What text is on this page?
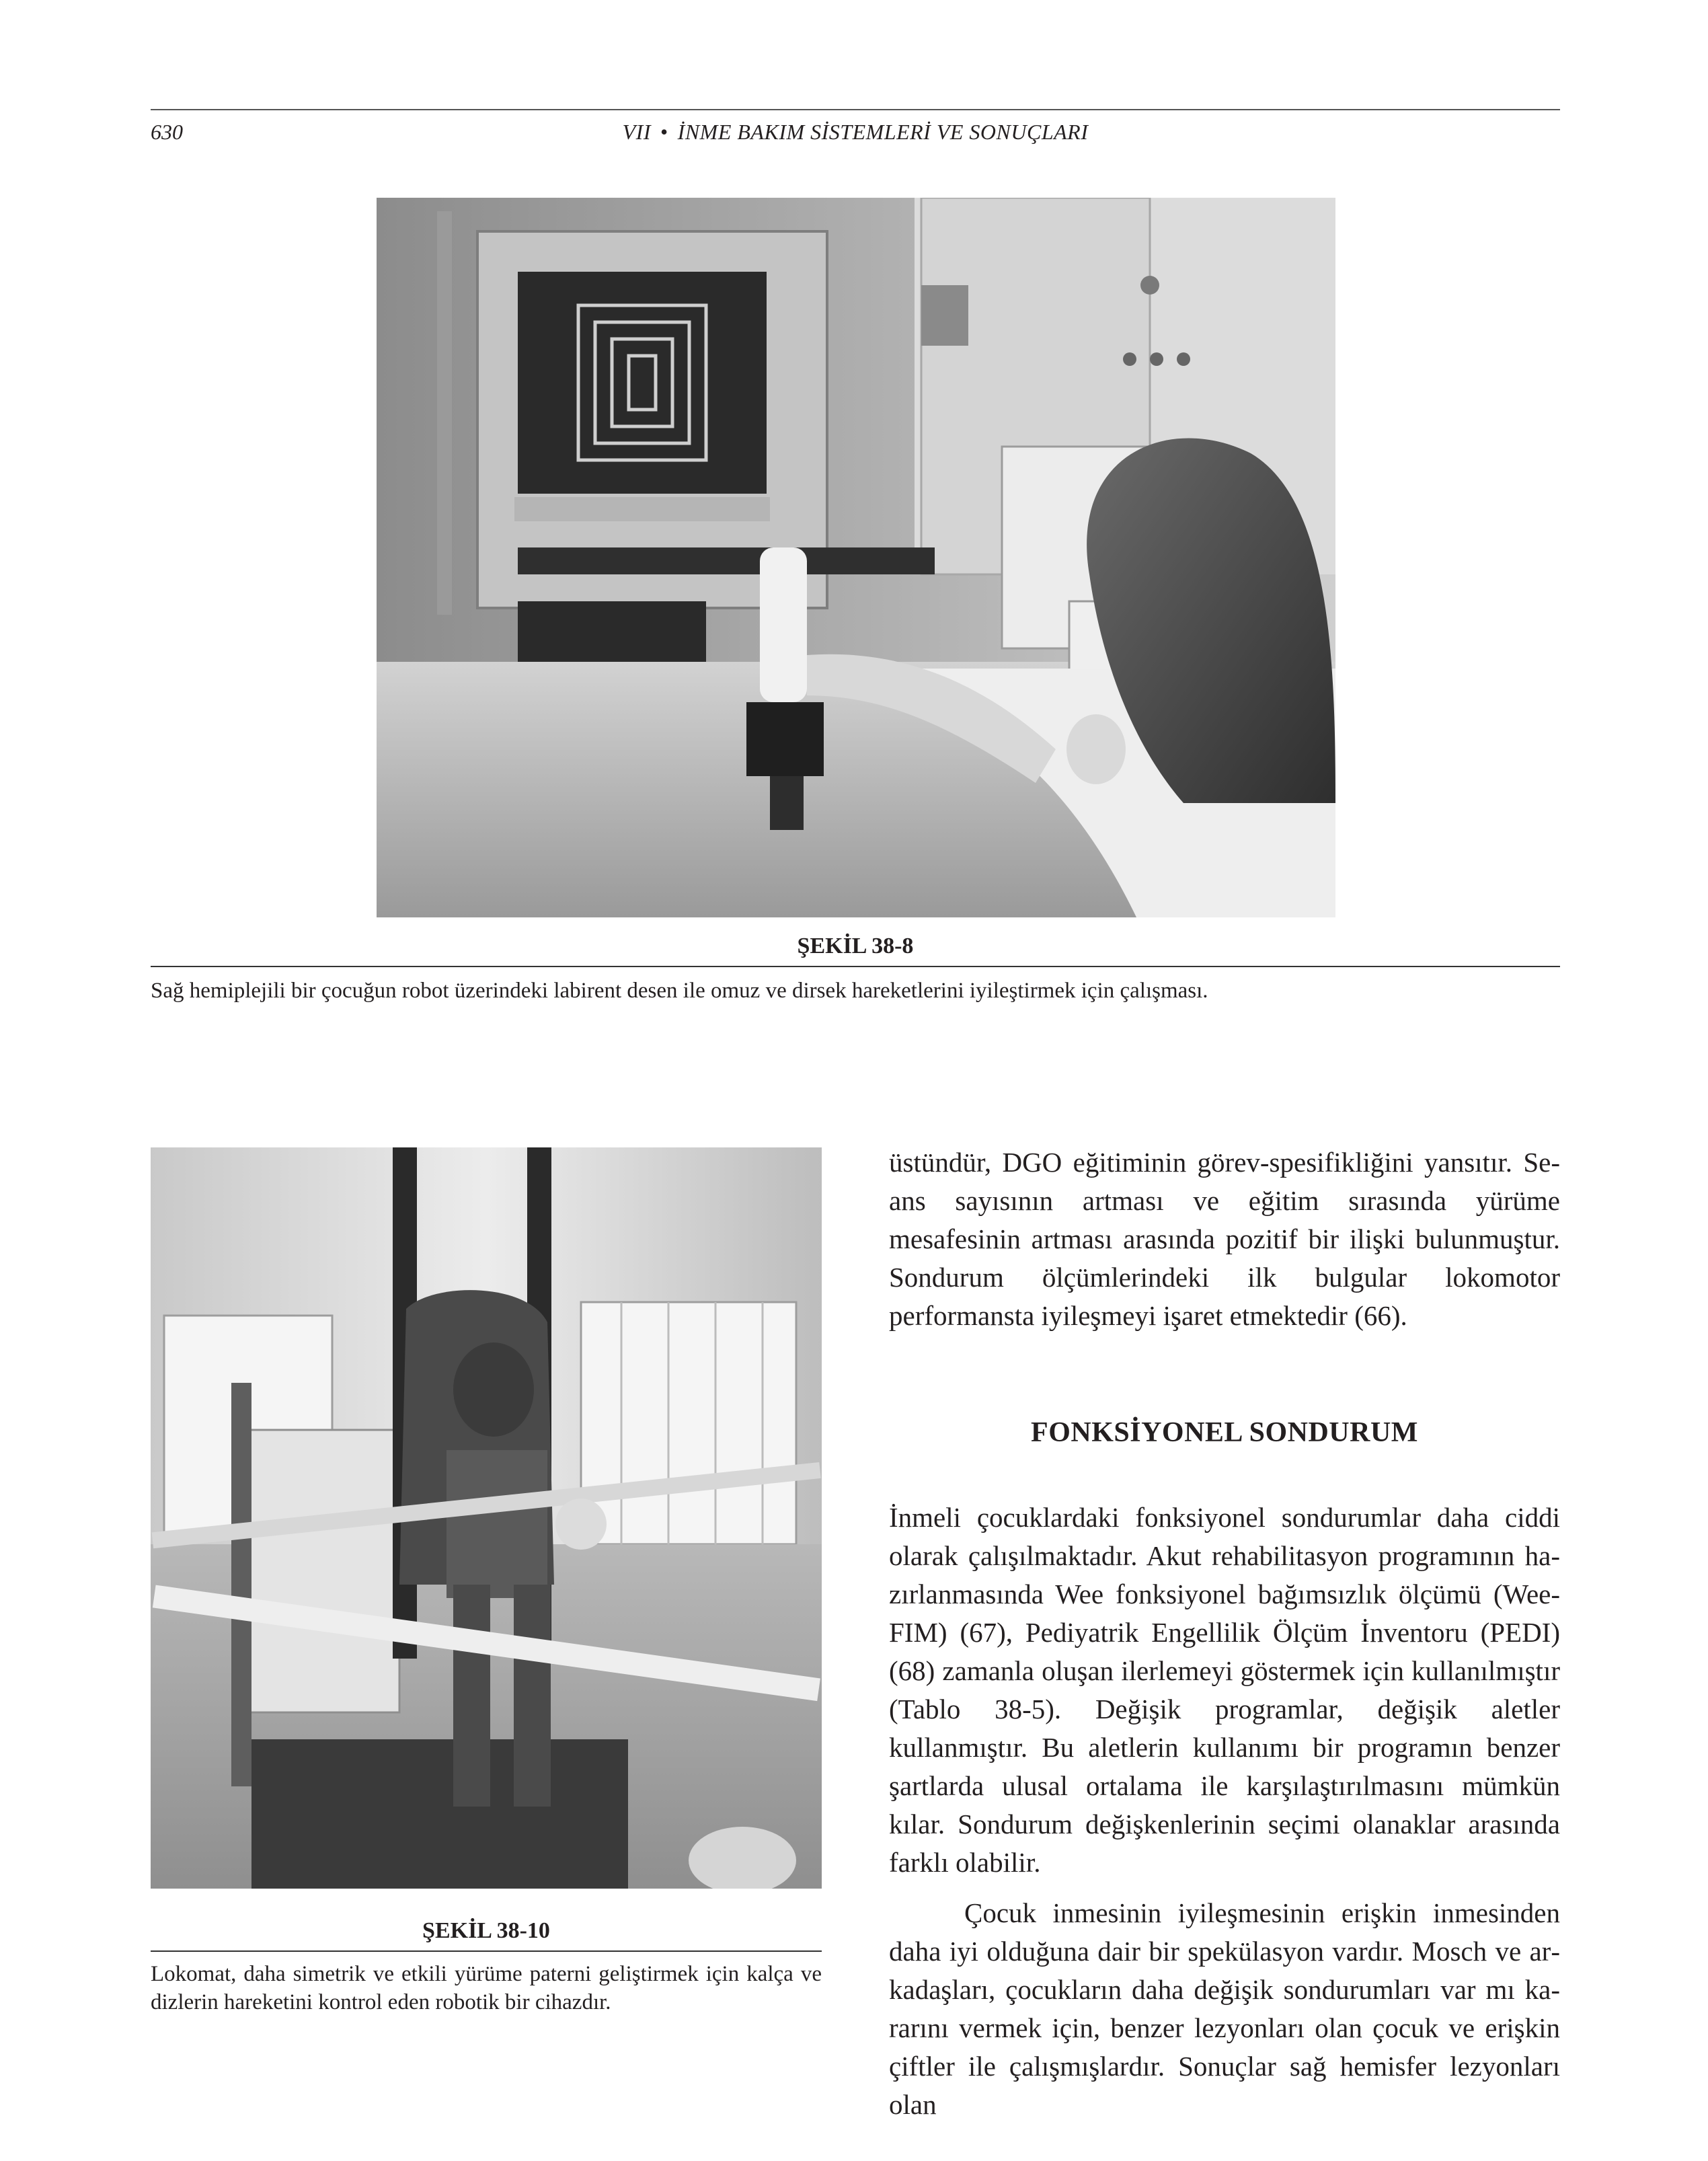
630	VII • İNME BAKIM SİSTEMLERİ VE SONUÇLARI
ŞEKİL 38-8
Sağ hemiplejili bir çocuğun robot üzerindeki labirent desen ile omuz ve dirsek hareketlerini iyileştirmek için çalışması.
ŞEKİL 38-10
Lokomat, daha simetrik ve etkili yürüme paterni geliştirmek için kalça ve dizlerin hareketini kontrol eden robotik bir cihazdır.

üstündür, DGO eğitiminin görev-spesifikliğini yansıtır. Seans sayısının artması ve eğitim sırasında yürüme mesafesinin artması arasında pozitif bir ilişki bulunmuştur. Sondurum ölçümlerindeki ilk bulgular lokomotor performansta iyileşmeyi işaret etmektedir (66).

FONKSİYONEL SONDURUM

İnmeli çocuklardaki fonksiyonel sondurumlar daha ciddi olarak çalışılmaktadır. Akut rehabilitasyon programının hazırlanmasında Wee fonksiyonel bağımsızlık ölçümü (WeeFIM) (67), Pediyatrik Engellilik Ölçüm İnventoru (PEDI) (68) zamanla oluşan ilerlemeyi göstermek için kullanılmıştır (Tablo 38-5). Değişik programlar, değişik aletler kullanmıştır. Bu aletlerin kullanımı bir programın benzer şartlarda ulusal ortalama ile karşılaştırılmasını mümkün kılar. Sondurum değişkenlerinin seçimi olanaklar arasında farklı olabilir.

Çocuk inmesinin iyileşmesinin erişkin inmesinden daha iyi olduğuna dair bir spekülasyon vardır. Mosch ve arkadaşları, çocukların daha değişik sondurumları var mı kararını vermek için, benzer lezyonları olan çocuk ve erişkin çiftler ile çalışmışlardır. Sonuçlar sağ hemisfer lezyonları olan
